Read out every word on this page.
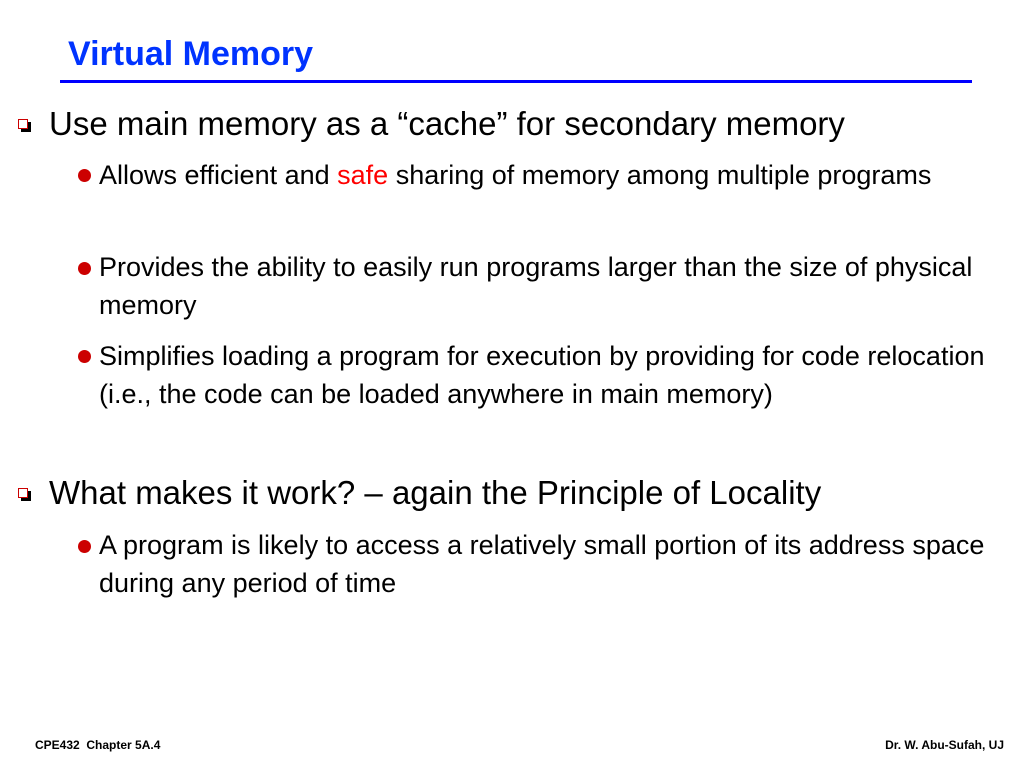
Virtual Memory
Use main memory as a “cache” for secondary memory
Allows efficient and safe sharing of memory among multiple programs
Provides the ability to easily run programs larger than the size of physical memory
Simplifies loading a program for execution by providing for code relocation (i.e., the code can be loaded anywhere in main memory)
What makes it work? – again the Principle of Locality
A program is likely to access a relatively small portion of its address space during any period of time
CPE432  Chapter 5A.4	Dr. W. Abu-Sufah, UJ
